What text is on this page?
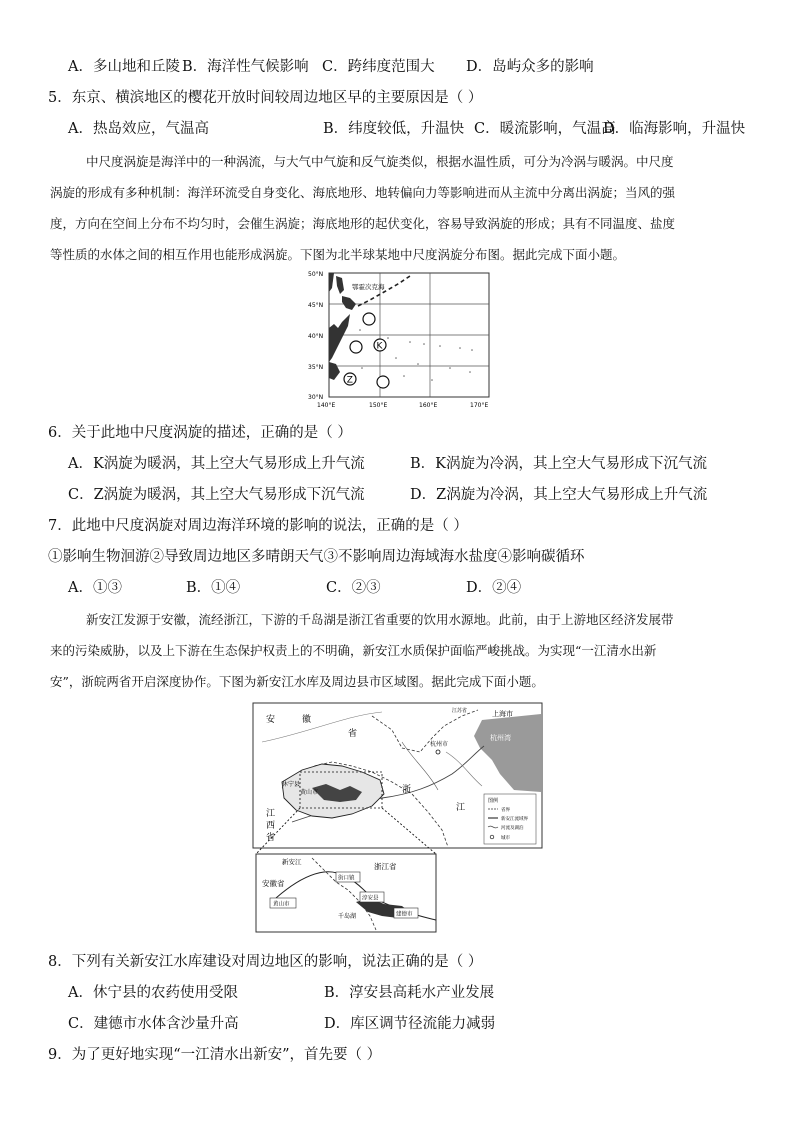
A．多山地和丘陵 B．海洋性气候影响 C．跨纬度范围大 D．岛屿众多的影响
5．东京、横滨地区的樱花开放时间较周边地区早的主要原因是（ ）
A．热岛效应，气温高	B．纬度较低，升温快 C．暖流影响，气温高
D．临海影响，升温快
中尺度涡旋是海洋中的一种涡流，与大气中气旋和反气旋类似，根据水温性质，可分为冷涡与暖涡。中尺度
涡旋的形成有多种机制：海洋环流受自身变化、海底地形、地转偏向力等影响进而从主流中分离出涡旋；当风的强
度，方向在空间上分布不均匀时，会催生涡旋；海底地形的起伏变化，容易导致涡旋的形成；具有不同温度、盐度
等性质的水体之间的相互作用也能形成涡旋。下图为北半球某地中尺度涡旋分布图。据此完成下面小题。
K
Z
鄂霍次克海
50°N
45°N
40°N
35°N
30°N
140°E	150°E	160°E	170°E
6．关于此地中尺度涡旋的描述，正确的是（ ）
A．K涡旋为暖涡，其上空大气易形成上升气流	B．K涡旋为冷涡，其上空大气易形成下沉气流
C．Z涡旋为暖涡，其上空大气易形成下沉气流	D．Z涡旋为冷涡，其上空大气易形成上升气流
7．此地中尺度涡旋对周边海洋环境的影响的说法，正确的是（ ）
①影响生物洄游②导致周边地区多晴朗天气③不影响周边海域海水盐度④影响碳循环
A．①③	B．①④	C．②③	D．②④
新安江发源于安徽，流经浙江，下游的千岛湖是浙江省重要的饮用水源地。此前，由于上游地区经济发展带
来的污染威胁，以及上下游在生态保护权责上的不明确，新安江水质保护面临严峻挑战。为实现“一江清水出新
安”，浙皖两省开启深度协作。下图为新安江水库及周边县市区域图。据此完成下面小题。
安	徽
省
浙
江
江
西
省
上海市
江苏省
杭州市
杭州湾
休宁县
黄山市
图例
省界
新安江流域界
河流及湖泊
城市
新安江	浙江省
安徽省
街口镇
黄山市
淳安县
千岛湖	建德市
8．下列有关新安江水库建设对周边地区的影响，说法正确的是（ ）
A．休宁县的农药使用受限	B．淳安县高耗水产业发展
C．建德市水体含沙量升高	D．库区调节径流能力减弱
9．为了更好地实现“一江清水出新安”，首先要（ ）
